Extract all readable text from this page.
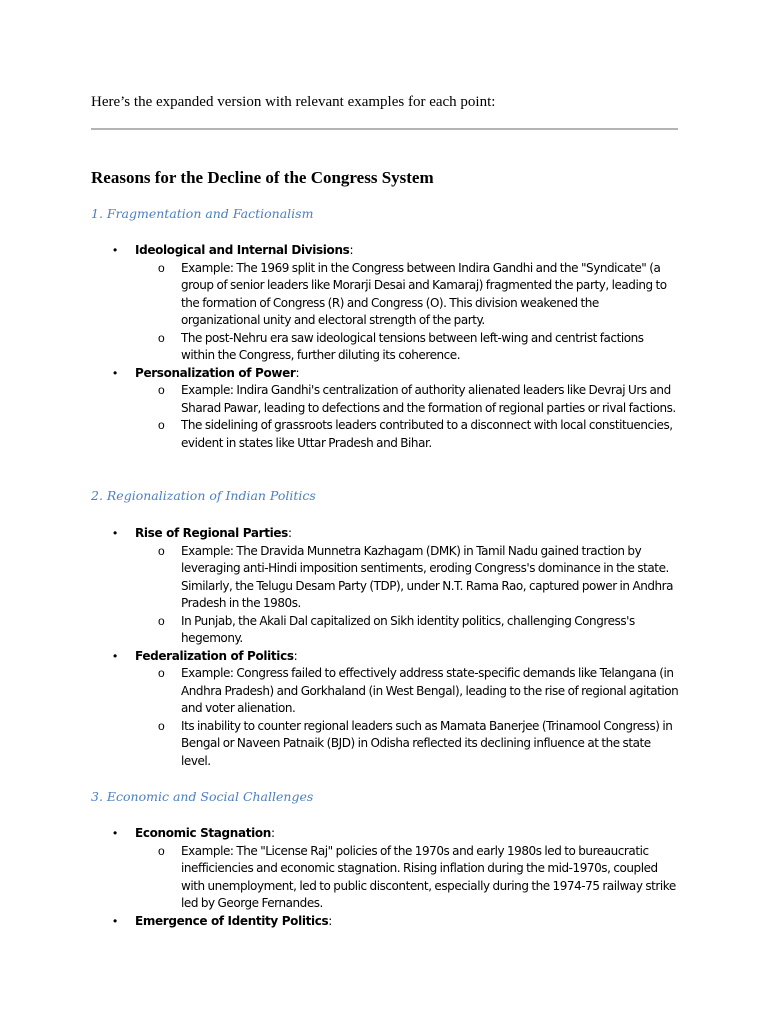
Here’s the expanded version with relevant examples for each point:
Reasons for the Decline of the Congress System
1. Fragmentation and Factionalism
• Ideological and Internal Divisions:
o Example: The 1969 split in the Congress between Indira Gandhi and the "Syndicate" (a group of senior leaders like Morarji Desai and Kamaraj) fragmented the party, leading to the formation of Congress (R) and Congress (O). This division weakened the organizational unity and electoral strength of the party.
o The post-Nehru era saw ideological tensions between left-wing and centrist factions within the Congress, further diluting its coherence.
• Personalization of Power:
o Example: Indira Gandhi's centralization of authority alienated leaders like Devraj Urs and Sharad Pawar, leading to defections and the formation of regional parties or rival factions.
o The sidelining of grassroots leaders contributed to a disconnect with local constituencies, evident in states like Uttar Pradesh and Bihar.
2. Regionalization of Indian Politics
• Rise of Regional Parties:
o Example: The Dravida Munnetra Kazhagam (DMK) in Tamil Nadu gained traction by leveraging anti-Hindi imposition sentiments, eroding Congress's dominance in the state. Similarly, the Telugu Desam Party (TDP), under N.T. Rama Rao, captured power in Andhra Pradesh in the 1980s.
o In Punjab, the Akali Dal capitalized on Sikh identity politics, challenging Congress's hegemony.
• Federalization of Politics:
o Example: Congress failed to effectively address state-specific demands like Telangana (in Andhra Pradesh) and Gorkhaland (in West Bengal), leading to the rise of regional agitation and voter alienation.
o Its inability to counter regional leaders such as Mamata Banerjee (Trinamool Congress) in Bengal or Naveen Patnaik (BJD) in Odisha reflected its declining influence at the state level.
3. Economic and Social Challenges
• Economic Stagnation:
o Example: The "License Raj" policies of the 1970s and early 1980s led to bureaucratic inefficiencies and economic stagnation. Rising inflation during the mid-1970s, coupled with unemployment, led to public discontent, especially during the 1974-75 railway strike led by George Fernandes.
• Emergence of Identity Politics:
